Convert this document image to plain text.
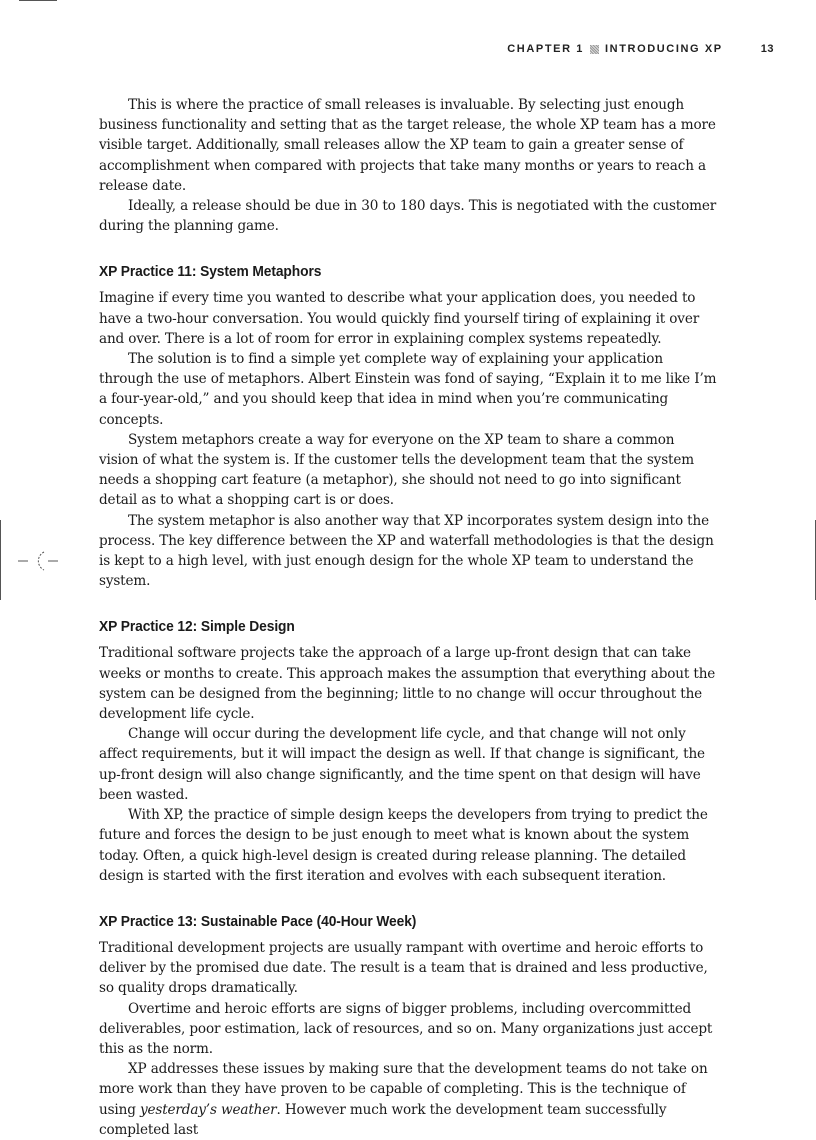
CHAPTER 1 INTRODUCING XP	13

This is where the practice of small releases is invaluable. By selecting just enough business functionality and setting that as the target release, the whole XP team has a more visible target. Additionally, small releases allow the XP team to gain a greater sense of accomplishment when compared with projects that take many months or years to reach a release date.

Ideally, a release should be due in 30 to 180 days. This is negotiated with the customer during the planning game.

XP Practice 11: System Metaphors

Imagine if every time you wanted to describe what your application does, you needed to have a two-hour conversation. You would quickly find yourself tiring of explaining it over and over. There is a lot of room for error in explaining complex systems repeatedly.

The solution is to find a simple yet complete way of explaining your application through the use of metaphors. Albert Einstein was fond of saying, “Explain it to me like I’m a four-year-old,” and you should keep that idea in mind when you’re communicating concepts.

System metaphors create a way for everyone on the XP team to share a common vision of what the system is. If the customer tells the development team that the system needs a shopping cart feature (a metaphor), she should not need to go into significant detail as to what a shopping cart is or does.

The system metaphor is also another way that XP incorporates system design into the process. The key difference between the XP and waterfall methodologies is that the design is kept to a high level, with just enough design for the whole XP team to understand the system.

XP Practice 12: Simple Design

Traditional software projects take the approach of a large up-front design that can take weeks or months to create. This approach makes the assumption that everything about the system can be designed from the beginning; little to no change will occur throughout the development life cycle.

Change will occur during the development life cycle, and that change will not only affect requirements, but it will impact the design as well. If that change is significant, the up-front design will also change significantly, and the time spent on that design will have been wasted.

With XP, the practice of simple design keeps the developers from trying to predict the future and forces the design to be just enough to meet what is known about the system today. Often, a quick high-level design is created during release planning. The detailed design is started with the first iteration and evolves with each subsequent iteration.

XP Practice 13: Sustainable Pace (40-Hour Week)

Traditional development projects are usually rampant with overtime and heroic efforts to deliver by the promised due date. The result is a team that is drained and less productive, so quality drops dramatically.

Overtime and heroic efforts are signs of bigger problems, including overcommitted deliverables, poor estimation, lack of resources, and so on. Many organizations just accept this as the norm.

XP addresses these issues by making sure that the development teams do not take on more work than they have proven to be capable of completing. This is the technique of using yesterday’s weather. However much work the development team successfully completed last
